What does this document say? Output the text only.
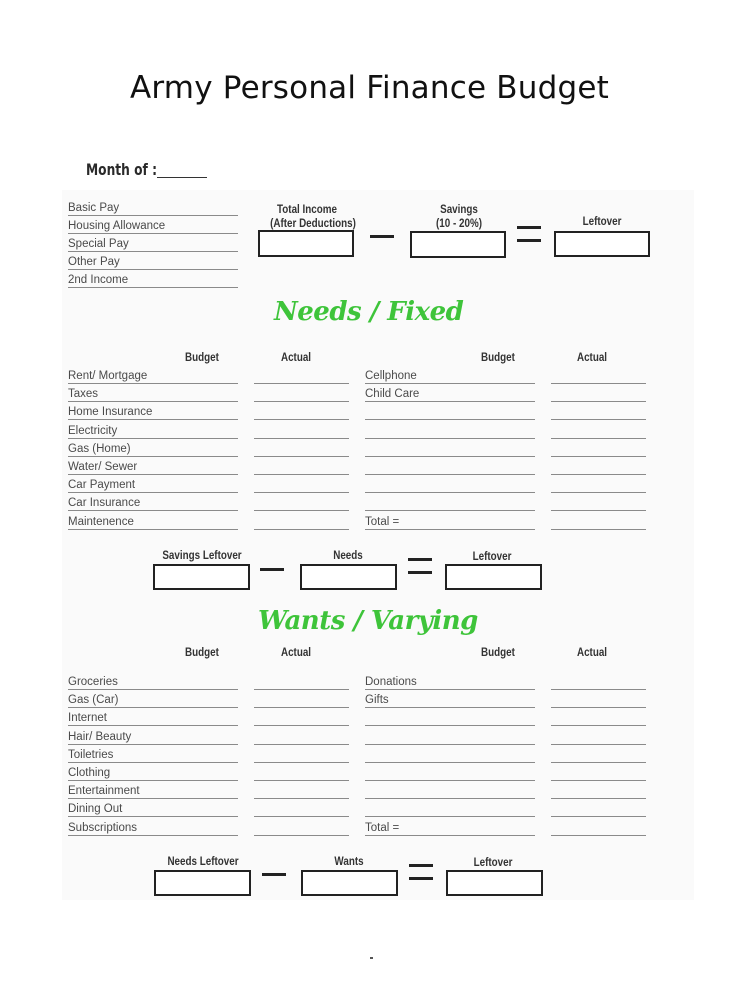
Army Personal Finance Budget
Month of :
Basic Pay
Housing Allowance
Special Pay
Other Pay
2nd Income
Total Income
(After Deductions)
Savings
(10 - 20%)	Leftover
Needs / Fixed
Budget	Actual	Budget	Actual
Rent/ Mortgage	Cellphone
Taxes	Child Care
Home Insurance
Electricity
Gas (Home)
Water/ Sewer
Car Payment
Car Insurance
Maintenence	Total =
Savings Leftover	Needs	Leftover
Wants / Varying
Budget	Actual	Budget	Actual
Groceries	Donations
Gas (Car)	Gifts
Internet
Hair/ Beauty
Toiletries
Clothing
Entertainment
Dining Out
Subscriptions	Total =
Needs Leftover	Wants	Leftover
